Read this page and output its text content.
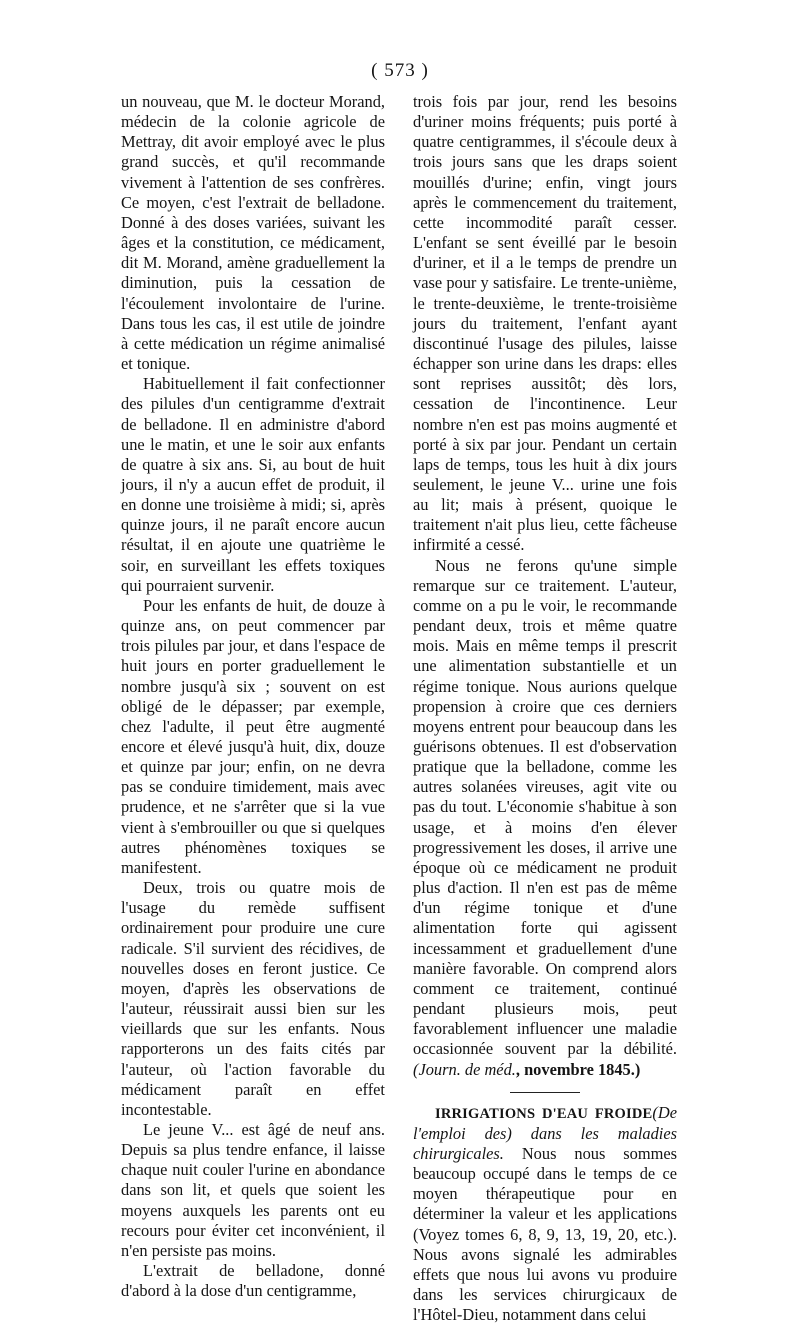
( 573 )

un nouveau, que M. le docteur Morand, médecin de la colonie agricole de Mettray, dit avoir employé avec le plus grand succès, et qu'il recommande vivement à l'attention de ses confrères. Ce moyen, c'est l'extrait de belladone. Donné à des doses variées, suivant les âges et la constitution, ce médicament, dit M. Morand, amène graduellement la diminution, puis la cessation de l'écoulement involontaire de l'urine. Dans tous les cas, il est utile de joindre à cette médication un régime animalisé et tonique.

Habituellement il fait confectionner des pilules d'un centigramme d'extrait de belladone. Il en administre d'abord une le matin, et une le soir aux enfants de quatre à six ans. Si, au bout de huit jours, il n'y a aucun effet de produit, il en donne une troisième à midi; si, après quinze jours, il ne paraît encore aucun résultat, il en ajoute une quatrième le soir, en surveillant les effets toxiques qui pourraient survenir.

Pour les enfants de huit, de douze à quinze ans, on peut commencer par trois pilules par jour, et dans l'espace de huit jours en porter graduellement le nombre jusqu'à six ; souvent on est obligé de le dépasser; par exemple, chez l'adulte, il peut être augmenté encore et élevé jusqu'à huit, dix, douze et quinze par jour; enfin, on ne devra pas se conduire timidement, mais avec prudence, et ne s'arrêter que si la vue vient à s'embrouiller ou que si quelques autres phénomènes toxiques se manifestent.

Deux, trois ou quatre mois de l'usage du remède suffisent ordinairement pour produire une cure radicale. S'il survient des récidives, de nouvelles doses en feront justice. Ce moyen, d'après les observations de l'auteur, réussirait aussi bien sur les vieillards que sur les enfants. Nous rapporterons un des faits cités par l'auteur, où l'action favorable du médicament paraît en effet incontestable.

Le jeune V... est âgé de neuf ans. Depuis sa plus tendre enfance, il laisse chaque nuit couler l'urine en abondance dans son lit, et quels que soient les moyens auxquels les parents ont eu recours pour éviter cet inconvénient, il n'en persiste pas moins.

L'extrait de belladone, donné d'abord à la dose d'un centigramme,

trois fois par jour, rend les besoins d'uriner moins fréquents; puis porté à quatre centigrammes, il s'écoule deux à trois jours sans que les draps soient mouillés d'urine; enfin, vingt jours après le commencement du traitement, cette incommodité paraît cesser. L'enfant se sent éveillé par le besoin d'uriner, et il a le temps de prendre un vase pour y satisfaire. Le trente-unième, le trente-deuxième, le trente-troisième jours du traitement, l'enfant ayant discontinué l'usage des pilules, laisse échapper son urine dans les draps: elles sont reprises aussitôt; dès lors, cessation de l'incontinence. Leur nombre n'en est pas moins augmenté et porté à six par jour. Pendant un certain laps de temps, tous les huit à dix jours seulement, le jeune V... urine une fois au lit; mais à présent, quoique le traitement n'ait plus lieu, cette fâcheuse infirmité a cessé.

Nous ne ferons qu'une simple remarque sur ce traitement. L'auteur, comme on a pu le voir, le recommande pendant deux, trois et même quatre mois. Mais en même temps il prescrit une alimentation substantielle et un régime tonique. Nous aurions quelque propension à croire que ces derniers moyens entrent pour beaucoup dans les guérisons obtenues. Il est d'observation pratique que la belladone, comme les autres solanées vireuses, agit vite ou pas du tout. L'économie s'habitue à son usage, et à moins d'en élever progressivement les doses, il arrive une époque où ce médicament ne produit plus d'action. Il n'en est pas de même d'un régime tonique et d'une alimentation forte qui agissent incessamment et graduellement d'une manière favorable. On comprend alors comment ce traitement, continué pendant plusieurs mois, peut favorablement influencer une maladie occasionnée souvent par la débilité. (Journ. de méd., novembre 1845.)

IRRIGATIONS D'EAU FROIDE(De l'emploi des) dans les maladies chirurgicales. Nous nous sommes beaucoup occupé dans le temps de ce moyen thérapeutique pour en déterminer la valeur et les applications (Voyez tomes 6, 8, 9, 13, 19, 20, etc.). Nous avons signalé les admirables effets que nous lui avons vu produire dans les services chirurgicaux de l'Hôtel-Dieu, notamment dans celui
